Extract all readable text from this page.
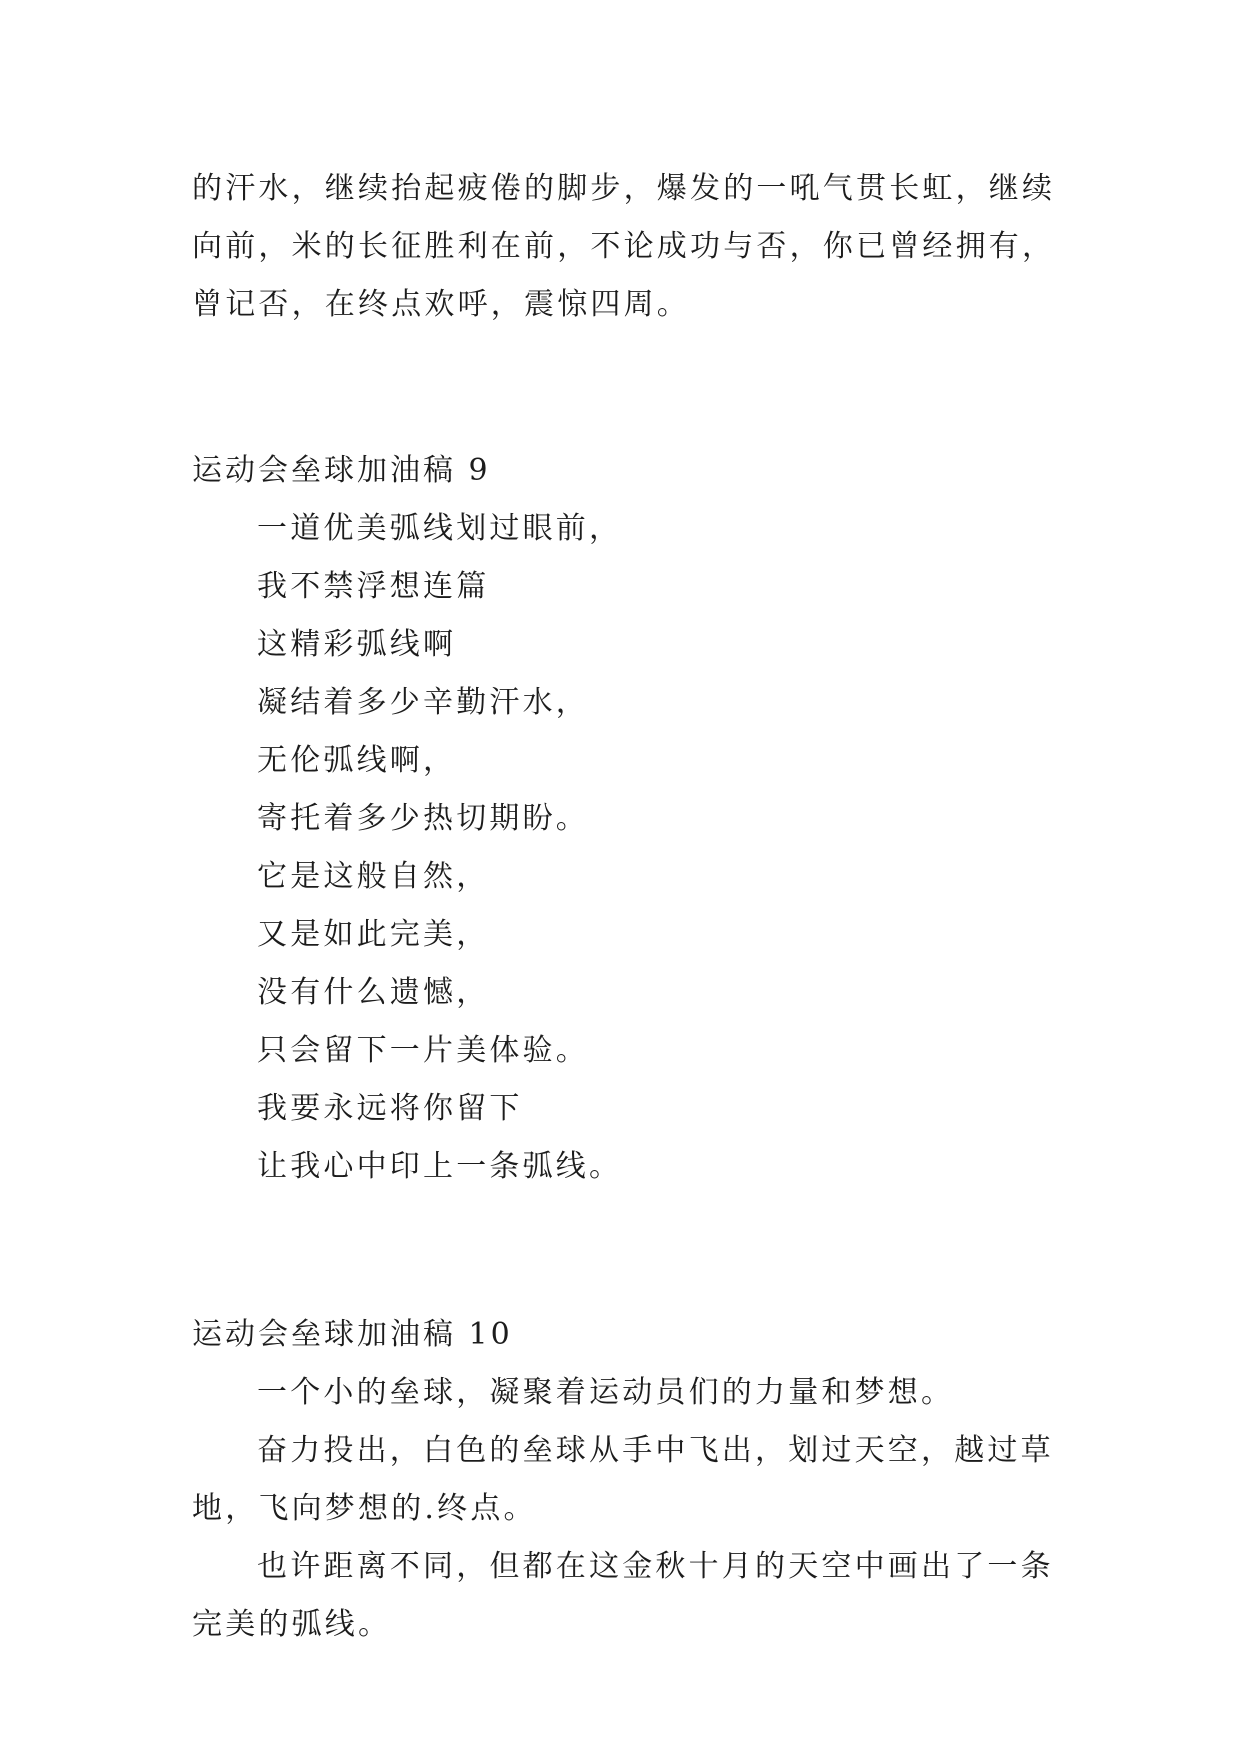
的汗水，继续抬起疲倦的脚步，爆发的一吼气贯长虹，继续
向前，米的长征胜利在前，不论成功与否，你已曾经拥有，
曾记否，在终点欢呼，震惊四周。
运动会垒球加油稿 9
一道优美弧线划过眼前，
我不禁浮想连篇
这精彩弧线啊
凝结着多少辛勤汗水，
无伦弧线啊，
寄托着多少热切期盼。
它是这般自然，
又是如此完美，
没有什么遗憾，
只会留下一片美体验。
我要永远将你留下
让我心中印上一条弧线。
运动会垒球加油稿 10
一个小的垒球，凝聚着运动员们的力量和梦想。
奋力投出，白色的垒球从手中飞出，划过天空，越过草
地，飞向梦想的.终点。
也许距离不同，但都在这金秋十月的天空中画出了一条
完美的弧线。
